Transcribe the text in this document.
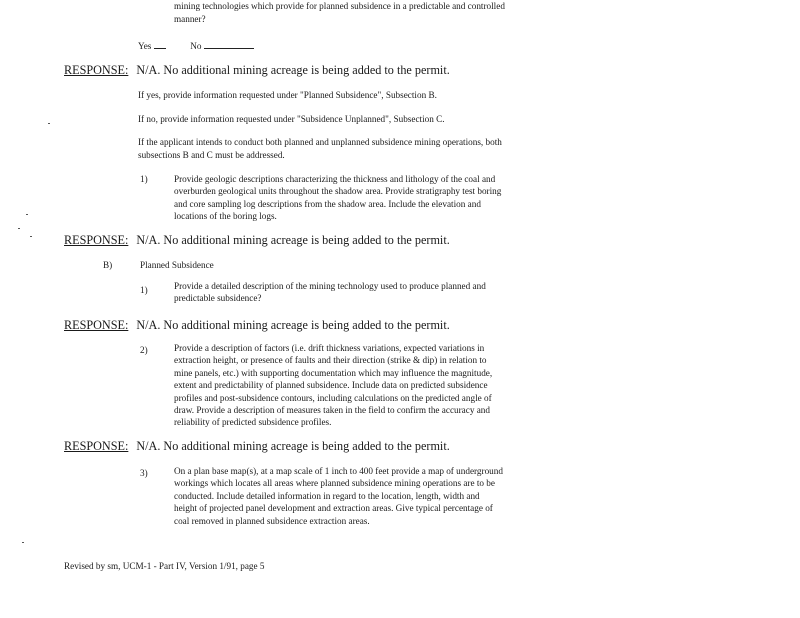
mining technologies which provide for planned subsidence in a predictable and controlled
manner?
Yes	No
RESPONSE: N/A. No additional mining acreage is being added to the permit.
If yes, provide information requested under "Planned Subsidence", Subsection B.
If no, provide information requested under "Subsidence Unplanned", Subsection C.
If the applicant intends to conduct both planned and unplanned subsidence mining operations, both
subsections B and C must be addressed.
1)	Provide geologic descriptions characterizing the thickness and lithology of the coal and
overburden geological units throughout the shadow area. Provide stratigraphy test boring
and core sampling log descriptions from the shadow area. Include the elevation and
locations of the boring logs.
RESPONSE: N/A. No additional mining acreage is being added to the permit.
B)	Planned Subsidence
1)	Provide a detailed description of the mining technology used to produce planned and
predictable subsidence?
RESPONSE: N/A. No additional mining acreage is being added to the permit.
2)	Provide a description of factors (i.e. drift thickness variations, expected variations in
extraction height, or presence of faults and their direction (strike & dip) in relation to
mine panels, etc.) with supporting documentation which may influence the magnitude,
extent and predictability of planned subsidence. Include data on predicted subsidence
profiles and post-subsidence contours, including calculations on the predicted angle of
draw. Provide a description of measures taken in the field to confirm the accuracy and
reliability of predicted subsidence profiles.
RESPONSE: N/A. No additional mining acreage is being added to the permit.
3)	On a plan base map(s), at a map scale of 1 inch to 400 feet provide a map of underground
workings which locates all areas where planned subsidence mining operations are to be
conducted. Include detailed information in regard to the location, length, width and
height of projected panel development and extraction areas. Give typical percentage of
coal removed in planned subsidence extraction areas.
Revised by sm, UCM-1 - Part IV, Version 1/91, page 5
